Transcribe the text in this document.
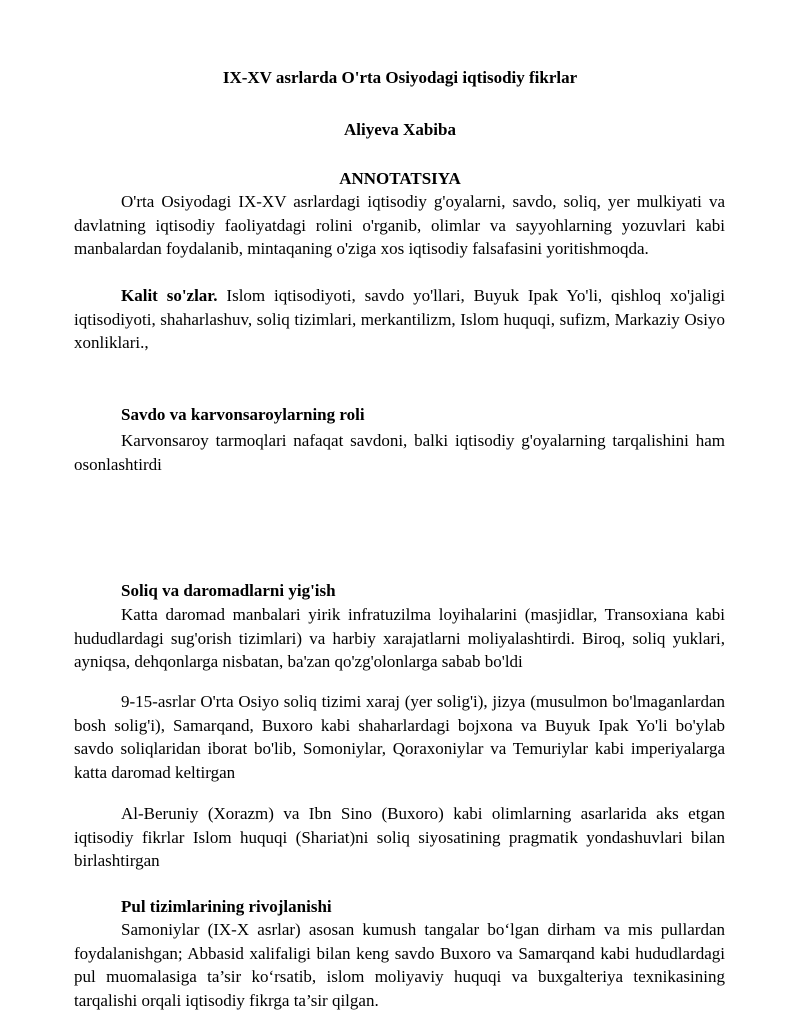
IX-XV asrlarda O'rta Osiyodagi iqtisodiy fikrlar
Aliyeva Xabiba
ANNOTATSIYA
O'rta Osiyodagi IX-XV asrlardagi iqtisodiy g'oyalarni, savdo, soliq, yer mulkiyati va davlatning iqtisodiy faoliyatdagi rolini o'rganib, olimlar va sayyohlarning yozuvlari kabi manbalardan foydalanib, mintaqaning o'ziga xos iqtisodiy falsafasini yoritishmoqda.
Kalit so'zlar. Islom iqtisodiyoti, savdo yo'llari, Buyuk Ipak Yo'li, qishloq xo'jaligi iqtisodiyoti, shaharlashuv, soliq tizimlari, merkantilizm, Islom huquqi, sufizm, Markaziy Osiyo xonliklari.,
Savdo va karvonsaroylarning roli
Karvonsaroy tarmoqlari nafaqat savdoni, balki iqtisodiy g'oyalarning tarqalishini ham osonlashtirdi
Soliq va daromadlarni yig'ish
Katta daromad manbalari yirik infratuzilma loyihalarini (masjidlar, Transoxiana kabi hududlardagi sug'orish tizimlari) va harbiy xarajatlarni moliyalashtirdi. Biroq, soliq yuklari, ayniqsa, dehqonlarga nisbatan, ba'zan qo'zg'olonlarga sabab bo'ldi
9-15-asrlar O'rta Osiyo soliq tizimi xaraj (yer solig'i), jizya (musulmon bo'lmaganlardan bosh solig'i), Samarqand, Buxoro kabi shaharlardagi bojxona va Buyuk Ipak Yo'li bo'ylab savdo soliqlaridan iborat bo'lib, Somoniylar, Qoraxoniylar va Temuriylar kabi imperiyalarga katta daromad keltirgan
Al-Beruniy (Xorazm) va Ibn Sino (Buxoro) kabi olimlarning asarlarida aks etgan iqtisodiy fikrlar Islom huquqi (Shariat)ni soliq siyosatining pragmatik yondashuvlari bilan birlashtirgan
Pul tizimlarining rivojlanishi
Samoniylar (IX-X asrlar) asosan kumush tangalar bo‘lgan dirham va mis pullardan foydalanishgan; Abbasid xalifaligi bilan keng savdo Buxoro va Samarqand kabi hududlardagi pul muomalasiga ta’sir ko‘rsatib, islom moliyaviy huquqi va buxgalteriya texnikasining tarqalishi orqali iqtisodiy fikrga ta’sir qilgan.
